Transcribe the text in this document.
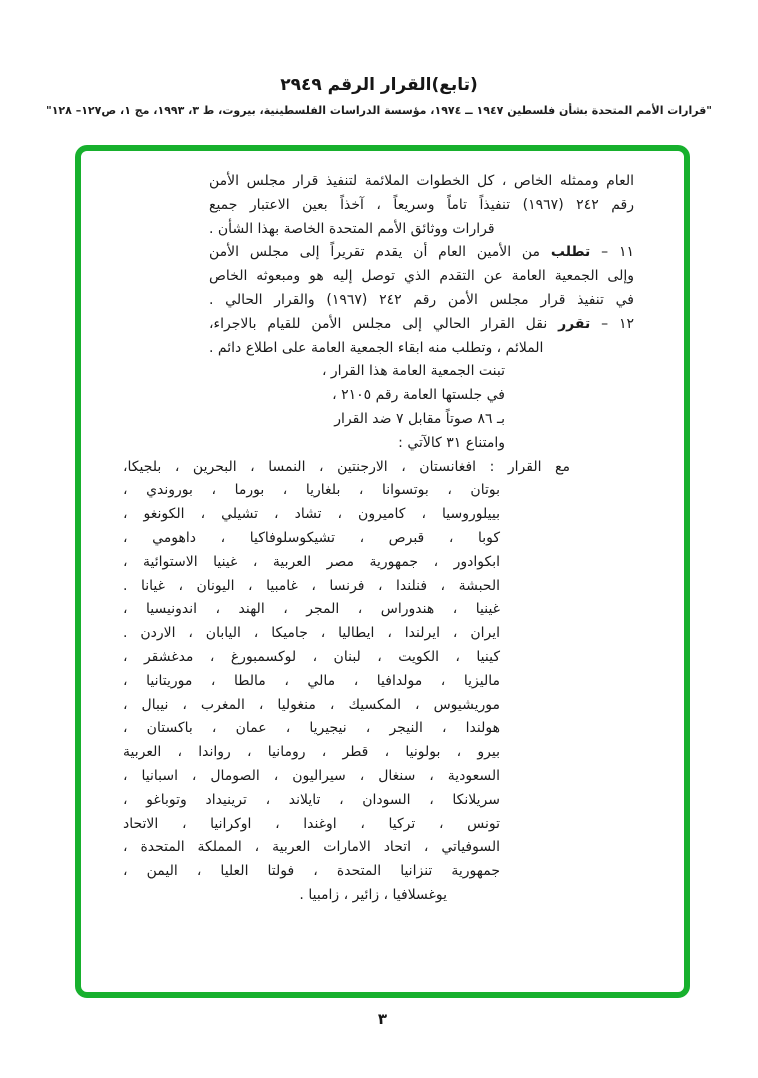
(تابع)القرار الرقم ٢٩٤٩
"قرارات الأمم المتحدة بشأن فلسطين ١٩٤٧ ــ ١٩٧٤، مؤسسة الدراسات الفلسطينية، بيروت، ط ٣، ١٩٩٣، مج ١، ص١٢٧– ١٢٨"
العام وممثله الخاص ، كل الخطوات الملائمة لتنفيذ قرار مجلس الأمن
رقم ٢٤٢ (١٩٦٧) تنفيذاً تاماً وسريعاً ، آخذاً بعين الاعتبار جميع
قرارات ووثائق الأمم المتحدة الخاصة بهذا الشأن .
١١ – تطلب من الأمين العام أن يقدم تقريراً إلى مجلس الأمن
وإلى الجمعية العامة عن التقدم الذي توصل إليه هو ومبعوثه الخاص
في تنفيذ قرار مجلس الأمن رقم ٢٤٢ (١٩٦٧) والقرار الحالي .
١٢ – تقرر نقل القرار الحالي إلى مجلس الأمن للقيام بالاجراء،
الملائم ، وتطلب منه ابقاء الجمعية العامة على اطلاع دائم .
تبنت الجمعية العامة هذا القرار ،
في جلستها العامة رقم ٢١٠٥ ،
بـ ٨٦ صوتاً مقابل ٧ ضد القرار
وامتناع ٣١ كالآتي :
مع القرار : افغانستان ، الارجنتين ، النمسا ، البحرين ، بلجيكا،
بوتان ، بوتسوانا ، بلغاريا ، بورما ، بوروندي ،
بييلوروسيا ، كاميرون ، تشاد ، تشيلي ، الكونغو ،
كوبا ، قبرص ، تشيكوسلوفاكيا ، داهومي ،
ابكوادور ، جمهورية مصر العربية ، غينيا الاستوائية ،
الحبشة ، فنلندا ، فرنسا ، غامبيا ، اليونان ، غيانا .
غينيا ، هندوراس ، المجر ، الهند ، اندونيسيا ،
ايران ، ايرلندا ، ايطاليا ، جاميكا ، اليابان ، الاردن .
كينيا ، الكويت ، لبنان ، لوكسمبورغ ، مدغشقر ،
ماليزيا ، مولدافيا ، مالي ، مالطا ، موريتانيا ،
موريشيوس ، المكسيك ، منغوليا ، المغرب ، نيبال ،
هولندا ، النيجر ، نيجيريا ، عمان ، باكستان ،
بيرو ، بولونيا ، قطر ، رومانيا ، رواندا ، العربية
السعودية ، سنغال ، سيراليون ، الصومال ، اسبانيا ،
سريلانكا ، السودان ، تايلاند ، ترينيداد وتوباغو ،
تونس ، تركيا ، اوغندا ، اوكرانيا ، الاتحاد
السوفياتي ، اتحاد الامارات العربية ، المملكة المتحدة ،
جمهورية تنزانيا المتحدة ، فولتا العليا ، اليمن ،
يوغسلافيا ، زائير ، زامبيا .
٣
